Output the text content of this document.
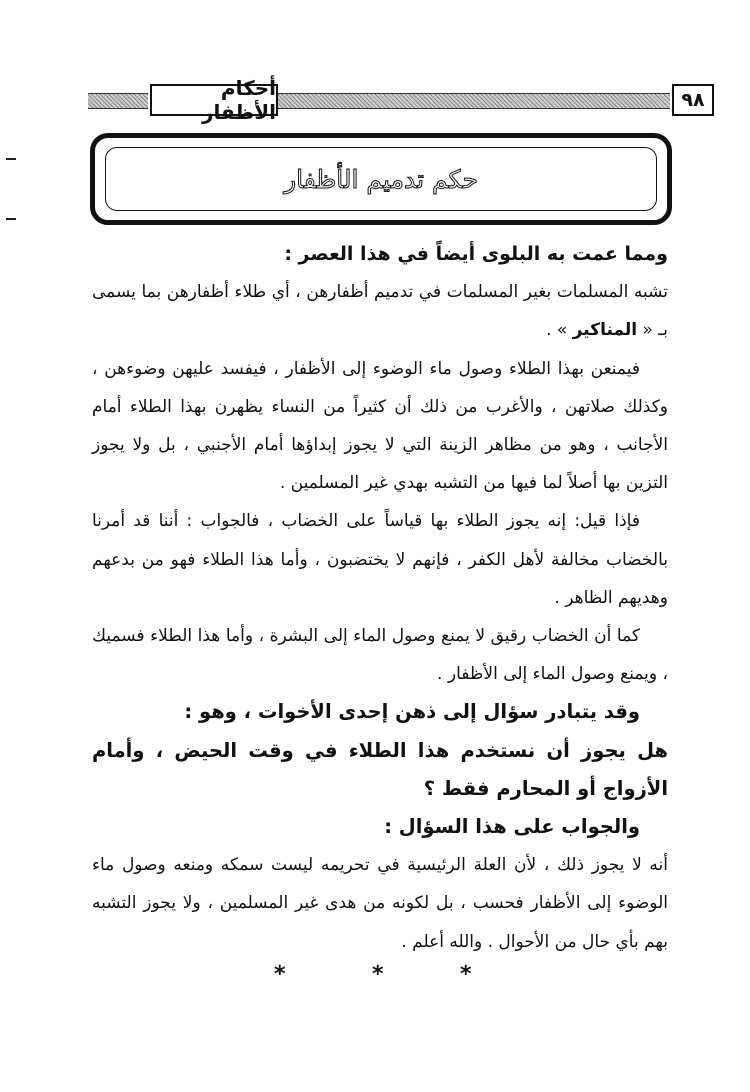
أحكام الأظفار	٩٨
حكم تدميم الأظفار

ومما عمت به البلوى أيضاً في هذا العصر :

تشبه المسلمات بغير المسلمات في تدميم أظفارهن ، أي طلاء أظفارهن بما يسمى بـ « المناكير » .

فيمنعن بهذا الطلاء وصول ماء الوضوء إلى الأظفار ، فيفسد عليهن وضوءهن ، وكذلك صلاتهن ، والأغرب من ذلك أن كثيراً من النساء يظهرن بهذا الطلاء أمام الأجانب ، وهو من مظاهر الزينة التي لا يجوز إبداؤها أمام الأجنبي ، بل ولا يجوز التزين بها أصلاً لما فيها من التشبه بهدي غير المسلمين .

فإذا قيل: إنه يجوز الطلاء بها قياساً على الخضاب ، فالجواب : أننا قد أمرنا بالخضاب مخالفة لأهل الكفر ، فإنهم لا يختضبون ، وأما هذا الطلاء فهو من بدعهم وهديهم الظاهر .

كما أن الخضاب رقيق لا يمنع وصول الماء إلى البشرة ، وأما هذا الطلاء فسميك ، ويمنع وصول الماء إلى الأظفار .

وقد يتبادر سؤال إلى ذهن إحدى الأخوات ، وهو :

هل يجوز أن نستخدم هذا الطلاء في وقت الحيض ، وأمام الأزواج أو المحارم فقط ؟

والجواب على هذا السؤال :

أنه لا يجوز ذلك ، لأن العلة الرئيسية في تحريمه ليست سمكه ومنعه وصول ماء الوضوء إلى الأظفار فحسب ، بل لكونه من هدى غير المسلمين ، ولا يجوز التشبه بهم بأي حال من الأحوال . والله أعلم .

*	*	*
